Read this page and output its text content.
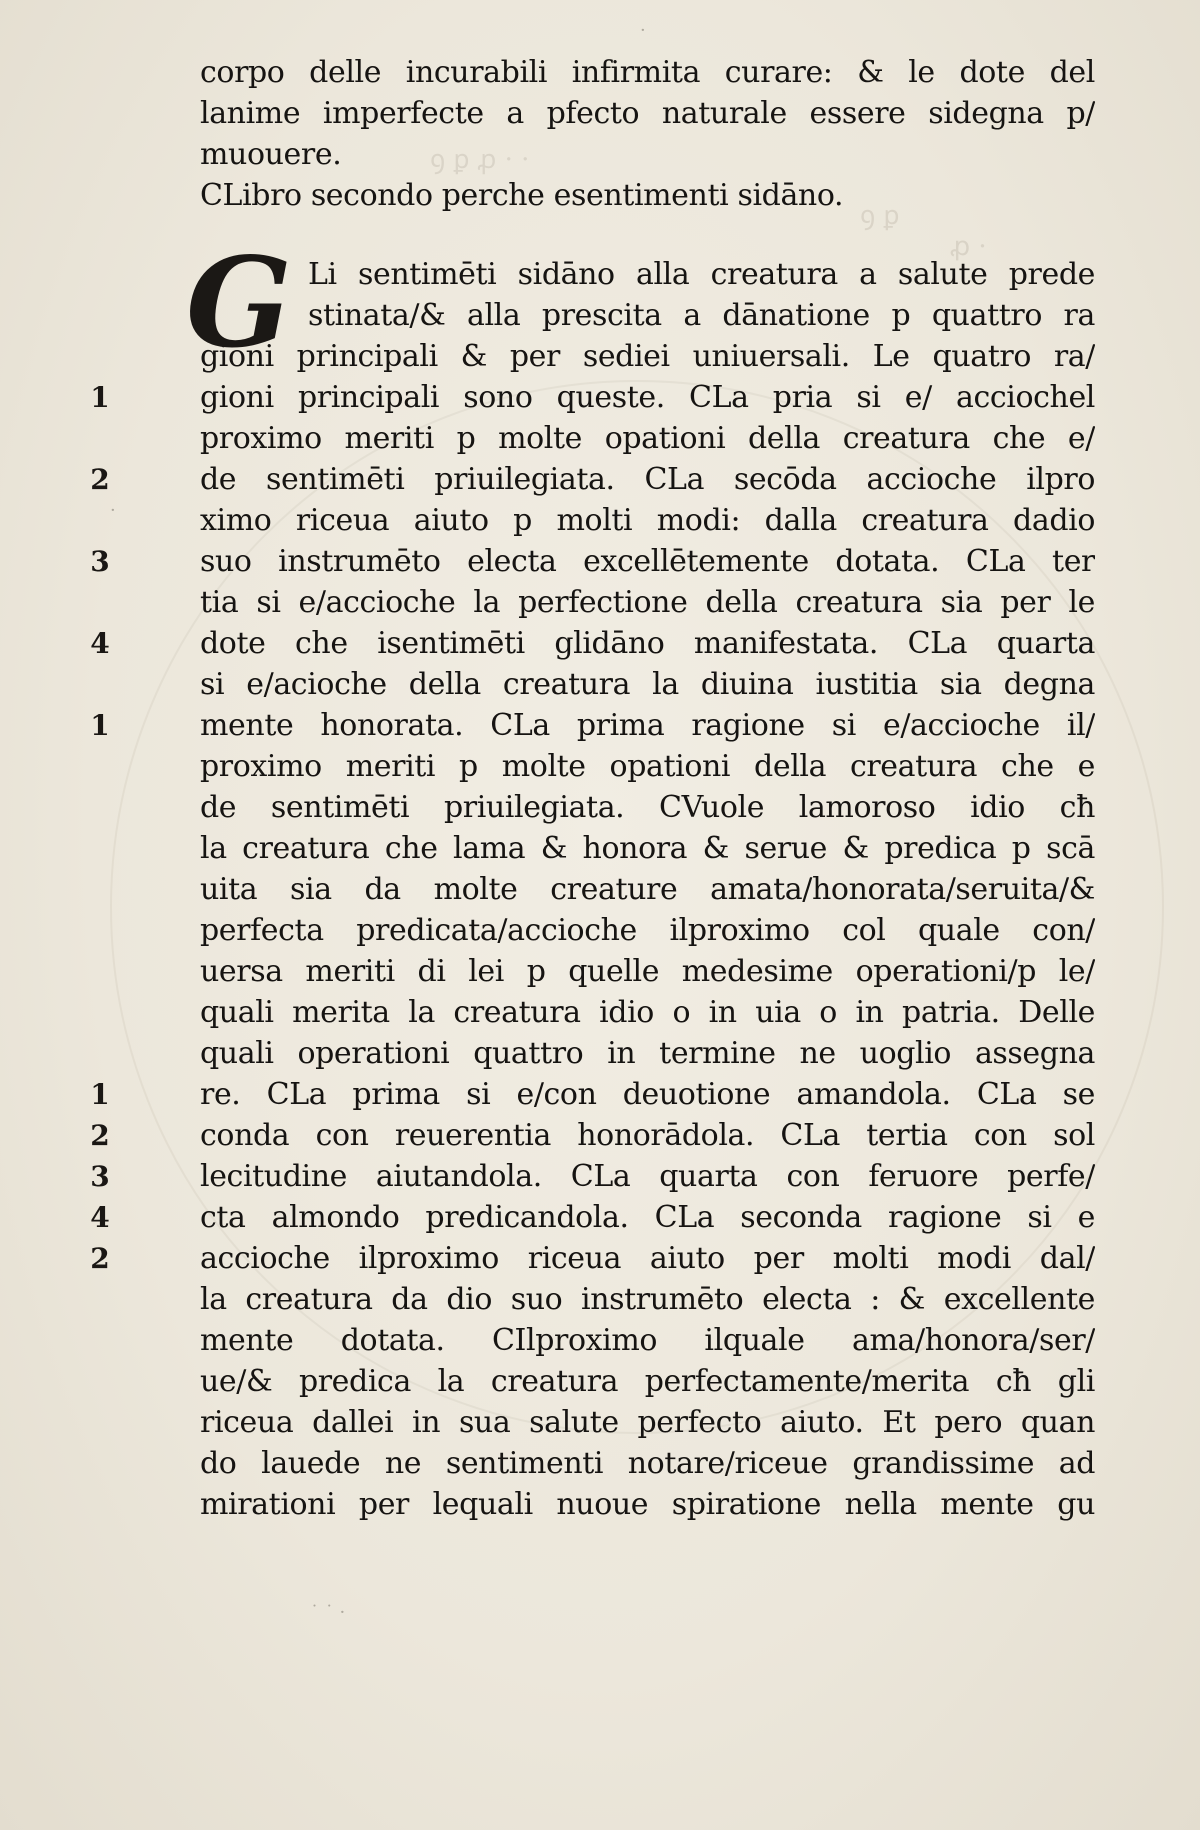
ꝯ ꝑ ꝓ · ·
ꝯ ꝑ
ꝓ ·
1
2
3
4
1
1
2
3
4
2
corpo delle incurabili infirmita curare: & le dote del
lanime imperfecte a pfecto naturale essere sidegna p/
muouere.
CLibro secondo perche esentimenti sidāno.
G Li sentimēti sidāno alla creatura a salute prede
stinata/& alla prescita a dānatione p quattro ra
gioni principali & per sediei uniuersali. Le quatro ra/
gioni principali sono queste. CLa pria si e/ acciochel
proximo meriti p molte opationi della creatura che e/
de sentimēti priuilegiata. CLa secōda accioche ilpro
ximo riceua aiuto p molti modi: dalla creatura dadio
suo instrumēto electa excellētemente dotata. CLa ter
tia si e/accioche la perfectione della creatura sia per le
dote che isentimēti glidāno manifestata. CLa quarta
si e/acioche della creatura la diuina iustitia sia degna
mente honorata. CLa prima ragione si e/accioche il/
proximo meriti p molte opationi della creatura che e
de sentimēti priuilegiata. CVuole lamoroso idio cħ
la creatura che lama & honora & serue & predica p scā
uita sia da molte creature amata/honorata/seruita/&
perfecta predicata/accioche ilproximo col quale con/
uersa meriti di lei p quelle medesime operationi/p le/
quali merita la creatura idio o in uia o in patria. Delle
quali operationi quattro in termine ne uoglio assegna
re. CLa prima si e/con deuotione amandola. CLa se
conda con reuerentia honorādola. CLa tertia con sol
lecitudine aiutandola. CLa quarta con feruore perfe/
cta almondo predicandola. CLa seconda ragione si e
accioche ilproximo riceua aiuto per molti modi dal/
la creatura da dio suo instrumēto electa : & excellente
mente dotata. CIlproximo ilquale ama/honora/ser/
ue/& predica la creatura perfectamente/merita cħ gli
riceua dallei in sua salute perfecto aiuto. Et pero quan
do lauede ne sentimenti notare/riceue grandissime ad
mirationi per lequali nuoue spiratione nella mente gu
˙ ˙ ·
·
·
